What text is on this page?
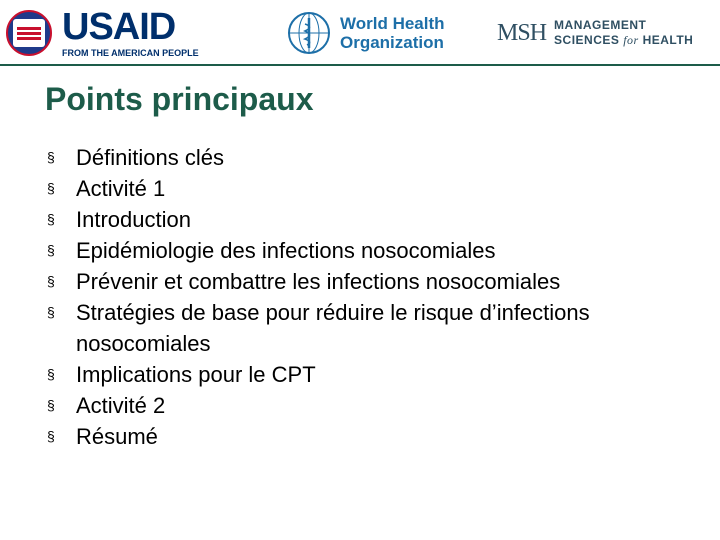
USAID
FROM THE AMERICAN PEOPLE
World Health
Organization MSH MANAGEMENT
SCIENCES for HEALTH
Points principaux
§ Définitions clés
§ Activité 1
§ Introduction
§ Epidémiologie des infections nosocomiales
§ Prévenir et combattre les infections nosocomiales
§ Stratégies de base pour réduire le risque d’infections nosocomiales
§ Implications pour le CPT
§ Activité 2
§ Résumé
